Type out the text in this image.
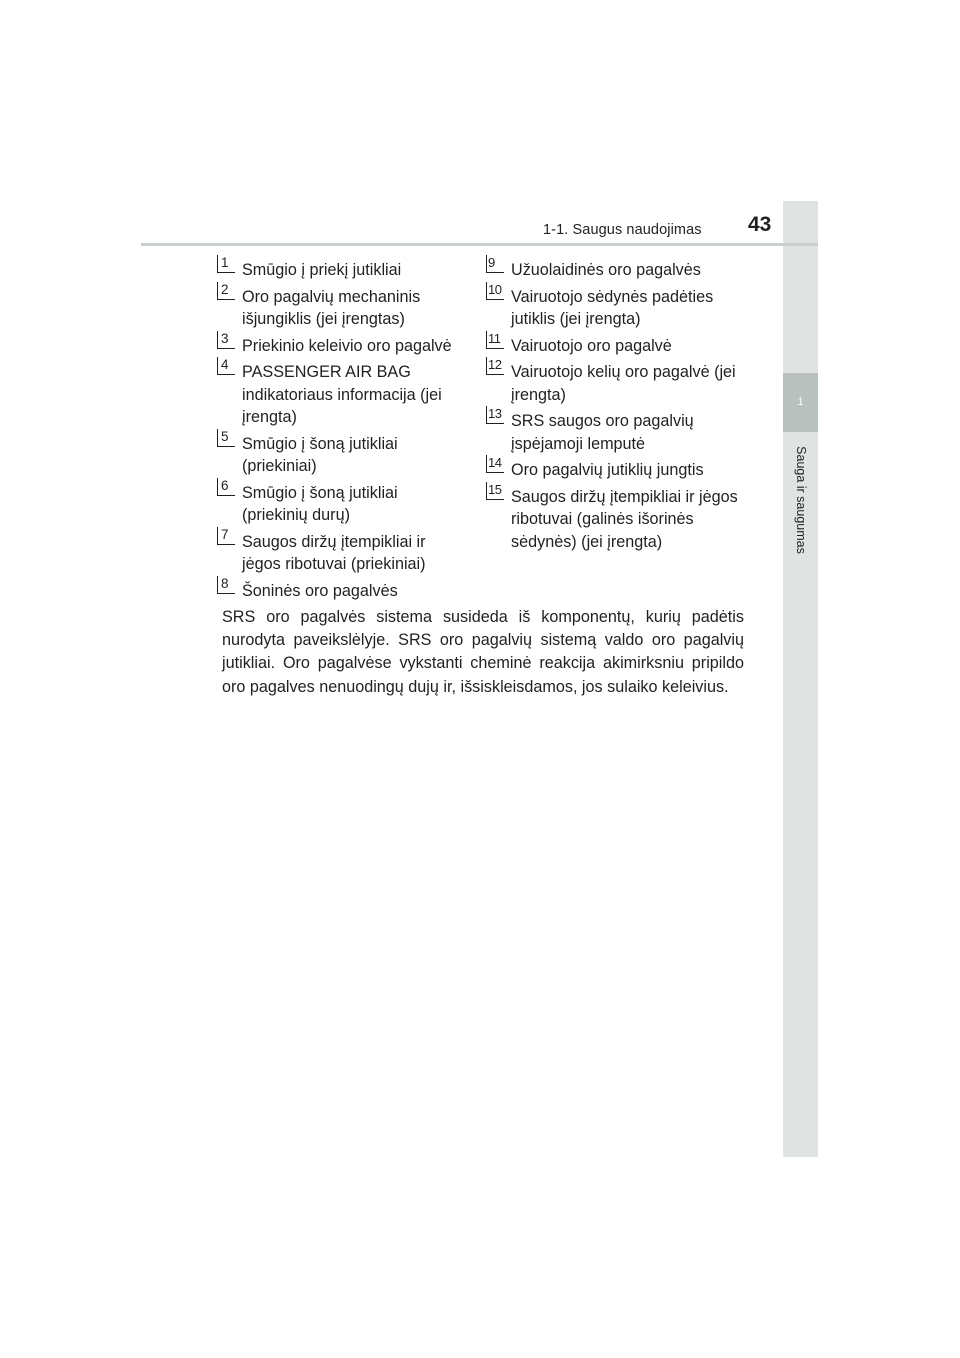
1
Sauga ir saugumas
1-1. Saugus naudojimas 43
1 Smūgio į priekį jutikliai
2 Oro pagalvių mechaninis išjungiklis (jei įrengtas)
3 Priekinio keleivio oro pagalvė
4 PASSENGER AIR BAG indikatoriaus informacija (jei įrengta)
5 Smūgio į šoną jutikliai (priekiniai)
6 Smūgio į šoną jutikliai (priekinių durų)
7 Saugos diržų įtempikliai ir jėgos ribotuvai (priekiniai)
8 Šoninės oro pagalvės
9	Užuolaidinės oro pagalvės
10 Vairuotojo sėdynės padėties jutiklis (jei įrengta)
11 Vairuotojo oro pagalvė
12 Vairuotojo kelių oro pagalvė (jei įrengta)
13 SRS saugos oro pagalvių įspėjamoji lemputė
14 Oro pagalvių jutiklių jungtis
15 Saugos diržų įtempikliai ir jėgos ribotuvai (galinės išorinės sėdynės) (jei įrengta)

SRS oro pagalvės sistema susideda iš komponentų, kurių padėtis nurodyta paveikslėlyje. SRS oro pagalvių sistemą valdo oro pagalvių jutikliai. Oro pagalvėse vykstanti cheminė reakcija akimirksniu pripildo oro pagalves nenuodingų dujų ir, išsiskleisdamos, jos sulaiko keleivius.
